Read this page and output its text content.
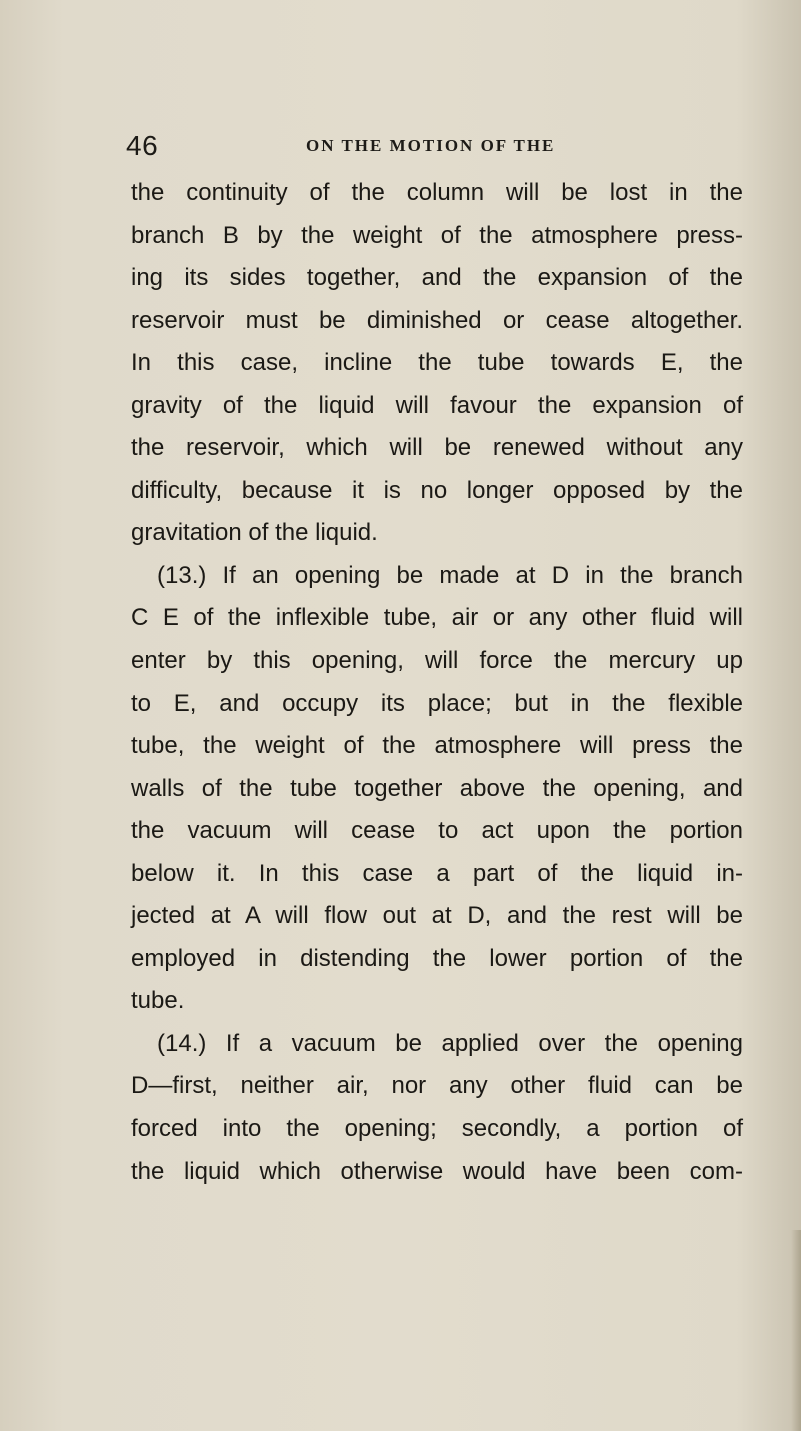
46	ON THE MOTION OF THE
the continuity of the column will be lost in the
branch B by the weight of the atmosphere press-
ing its sides together, and the expansion of the
reservoir must be diminished or cease altogether.
In this case, incline the tube towards E, the
gravity of the liquid will favour the expansion of
the reservoir, which will be renewed without any
difficulty, because it is no longer opposed by the
gravitation of the liquid.
(13.) If an opening be made at D in the branch
C E of the inflexible tube, air or any other fluid will
enter by this opening, will force the mercury up
to E, and occupy its place; but in the flexible
tube, the weight of the atmosphere will press the
walls of the tube together above the opening, and
the vacuum will cease to act upon the portion
below it. In this case a part of the liquid in-
jected at A will flow out at D, and the rest will be
employed in distending the lower portion of the
tube.
(14.) If a vacuum be applied over the opening
D—first, neither air, nor any other fluid can be
forced into the opening; secondly, a portion of
the liquid which otherwise would have been com-
